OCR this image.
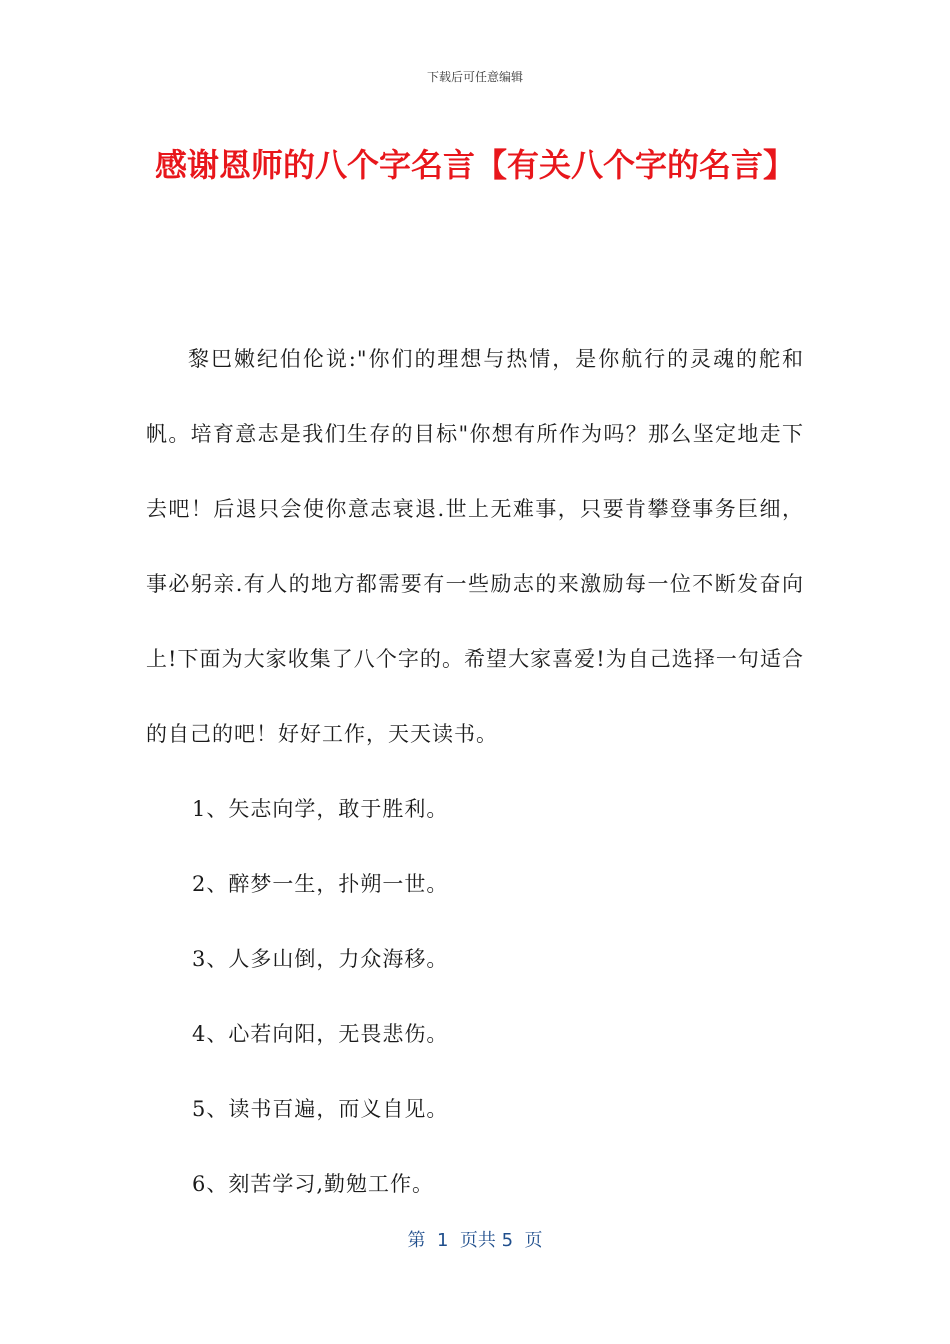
下载后可任意编辑
感谢恩师的八个字名言【有关八个字的名言】

黎巴嫩纪伯伦说:"你们的理想与热情，是你航行的灵魂的舵和帆。培育意志是我们生存的目标"你想有所作为吗？那么坚定地走下去吧！后退只会使你意志衰退.世上无难事，只要肯攀登事务巨细，事必躬亲.有人的地方都需要有一些励志的来激励每一位不断发奋向上!下面为大家收集了八个字的。希望大家喜爱!为自己选择一句适合的自己的吧！好好工作，天天读书。

1、矢志向学，敢于胜利。
2、醉梦一生，扑朔一世。
3、人多山倒，力众海移。
4、心若向阳，无畏悲伤。
5、读书百遍，而义自见。
6、刻苦学习,勤勉工作。
第  1  页共 5  页
